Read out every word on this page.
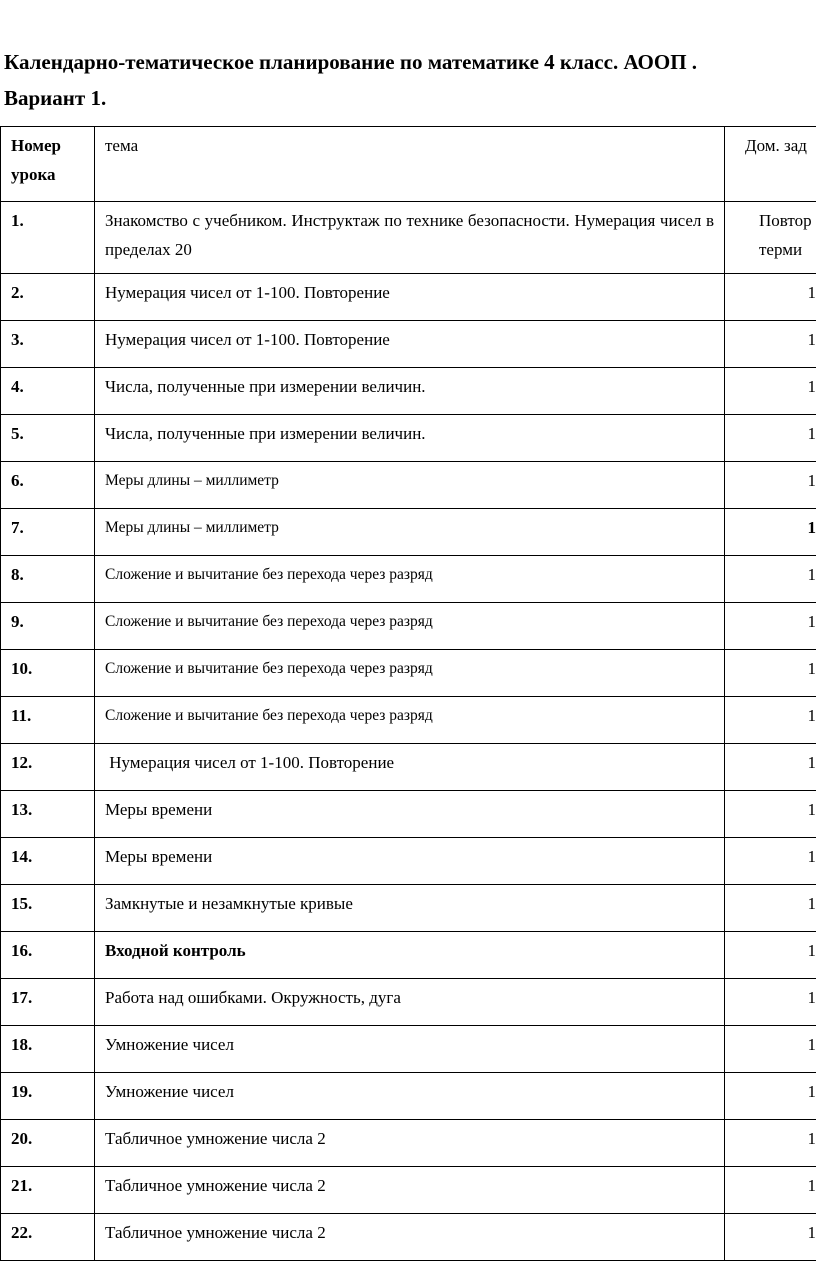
Календарно-тематическое планирование по математике 4 класс. АООП .
Вариант 1.
Номер урока	тема	Дом. зад
1.	Знакомство с учебником. Инструктаж по технике безопасности. Нумерация чисел в пределах 20	Повтор терми
2.	Нумерация чисел от 1-100. Повторение	1
3.	Нумерация чисел от 1-100. Повторение	1
4.	Числа, полученные при измерении величин.	1
5.	Числа, полученные при измерении величин.	1
6.	Меры длины – миллиметр	1
7.	Меры длины – миллиметр	1
8.	Сложение и вычитание без перехода через разряд	1
9.	Сложение и вычитание без перехода через разряд	1
10.	Сложение и вычитание без перехода через разряд	1
11.	Сложение и вычитание без перехода через разряд	1
12.	Нумерация чисел от 1-100. Повторение	1
13.	Меры времени	1
14.	Меры времени	1
15.	Замкнутые и незамкнутые кривые	1
16.	Входной контроль	1
17.	Работа над ошибками. Окружность, дуга	1
18.	Умножение чисел	1
19.	Умножение чисел	1
20.	Табличное умножение числа 2	1
21.	Табличное умножение числа 2	1
22.	Табличное умножение числа 2	1
